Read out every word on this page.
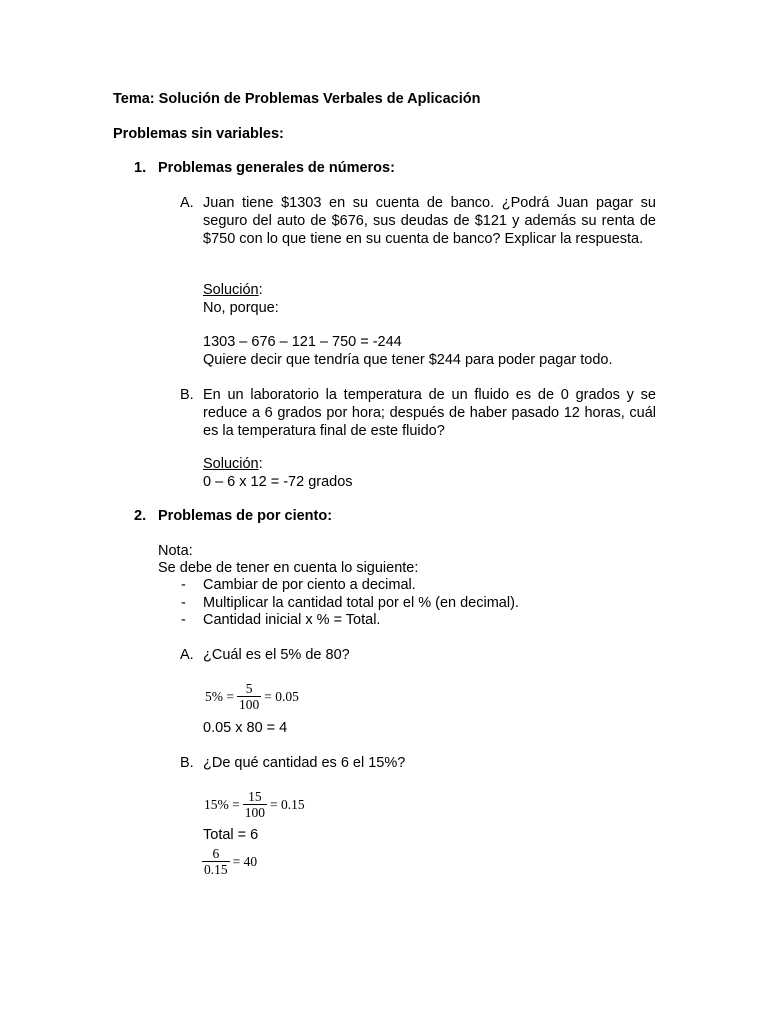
Tema: Solución de Problemas Verbales de Aplicación
Problemas sin variables:
1. Problemas generales de números:
A. Juan tiene $1303 en su cuenta de banco. ¿Podrá Juan pagar su seguro del auto de $676, sus deudas de $121 y además su renta de $750 con lo que tiene en su cuenta de banco? Explicar la respuesta.
Solución:
No, porque:
1303 – 676 – 121 – 750 = -244
Quiere decir que tendría que tener $244 para poder pagar todo.
B. En un laboratorio la temperatura de un fluido es de 0 grados y se reduce a 6 grados por hora; después de haber pasado 12 horas, cuál es la temperatura final de este fluido?
Solución:
0 – 6 x 12 = -72 grados
2. Problemas de por ciento:
Nota:
Se debe de tener en cuenta lo siguiente:
- Cambiar de por ciento a decimal.
- Multiplicar la cantidad total por el % (en decimal).
- Cantidad inicial x % = Total.
A. ¿Cuál es el 5% de 80?
$5\% = \frac{5}{100} = 0.05$
0.05 x 80 = 4
B. ¿De qué cantidad es 6 el 15%?
$15\% = \frac{15}{100} = 0.15$
Total = 6
$\frac{6}{0.15} = 40$
